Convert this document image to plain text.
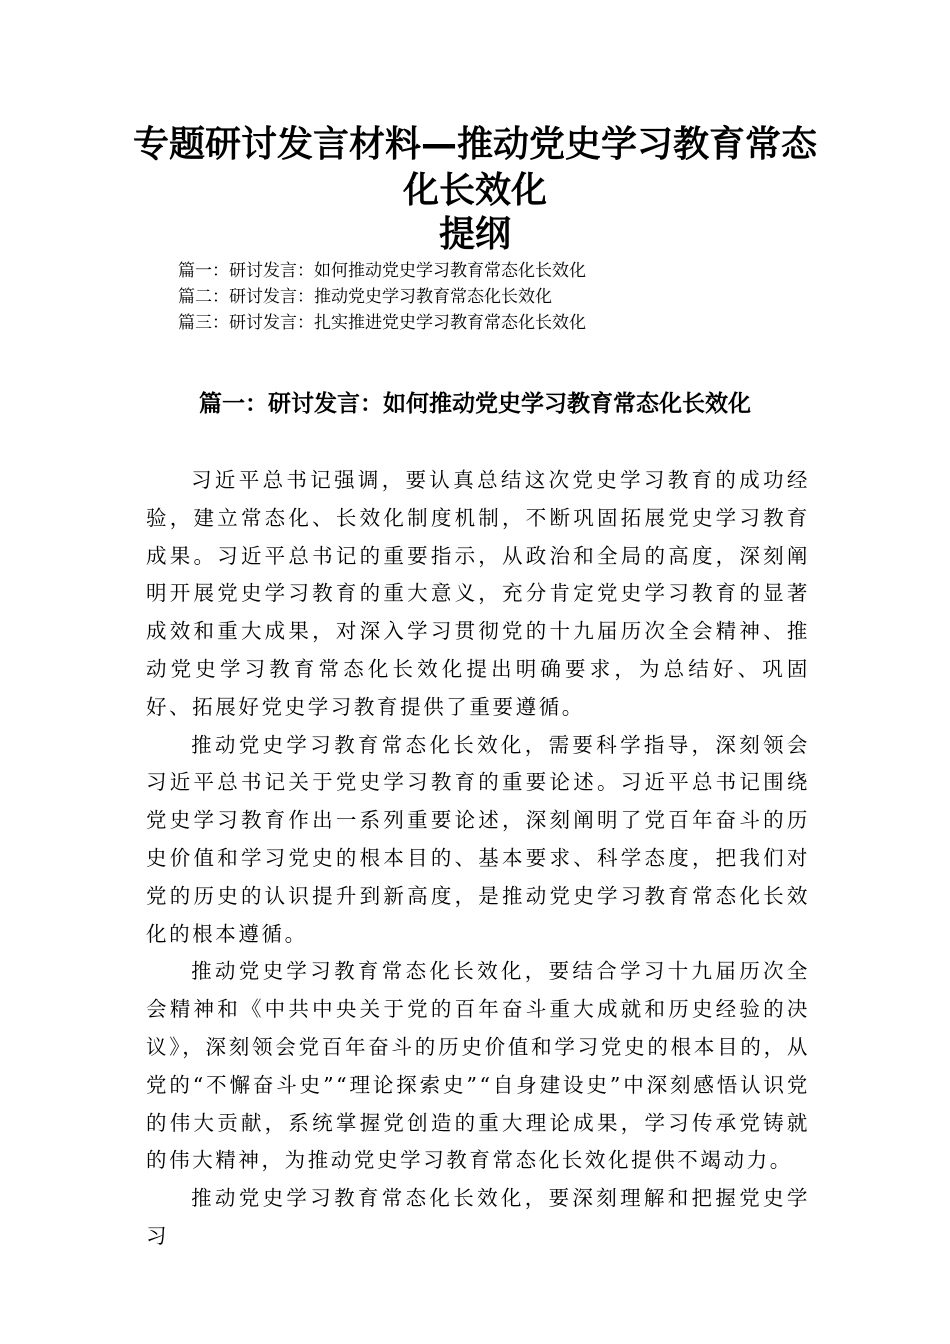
专题研讨发言材料—推动党史学习教育常态化长效化
提纲
篇一：研讨发言：如何推动党史学习教育常态化长效化
篇二：研讨发言：推动党史学习教育常态化长效化
篇三：研讨发言：扎实推进党史学习教育常态化长效化
篇一：研讨发言：如何推动党史学习教育常态化长效化

习近平总书记强调，要认真总结这次党史学习教育的成功经验，建立常态化、长效化制度机制，不断巩固拓展党史学习教育成果。习近平总书记的重要指示，从政治和全局的高度，深刻阐明开展党史学习教育的重大意义，充分肯定党史学习教育的显著成效和重大成果，对深入学习贯彻党的十九届历次全会精神、推动党史学习教育常态化长效化提出明确要求，为总结好、巩固好、拓展好党史学习教育提供了重要遵循。

推动党史学习教育常态化长效化，需要科学指导，深刻领会习近平总书记关于党史学习教育的重要论述。习近平总书记围绕党史学习教育作出一系列重要论述，深刻阐明了党百年奋斗的历史价值和学习党史的根本目的、基本要求、科学态度，把我们对党的历史的认识提升到新高度，是推动党史学习教育常态化长效化的根本遵循。

推动党史学习教育常态化长效化，要结合学习十九届历次全会精神和《中共中央关于党的百年奋斗重大成就和历史经验的决议》，深刻领会党百年奋斗的历史价值和学习党史的根本目的，从党的“不懈奋斗史”“理论探索史”“自身建设史”中深刻感悟认识党的伟大贡献，系统掌握党创造的重大理论成果，学习传承党铸就的伟大精神，为推动党史学习教育常态化长效化提供不竭动力。

推动党史学习教育常态化长效化，要深刻理解和把握党史学习
